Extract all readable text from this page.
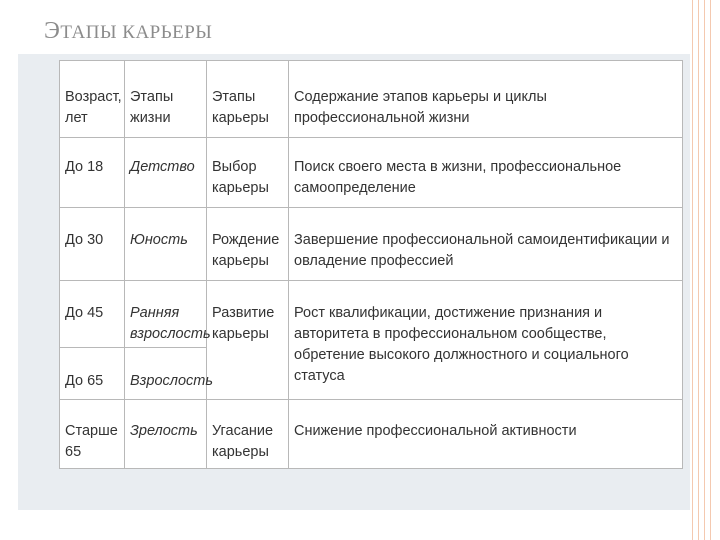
ЭТАПЫ КАРЬЕРЫ
Возраст, лет	Этапы жизни	Этапы карьеры	Содержание этапов карьеры и циклы профессиональной жизни
До 18	Детство	Выбор карьеры	Поиск своего места в жизни, профессиональное самоопределение
До 30	Юность	Рождение карьеры	Завершение профессиональной самоидентификации и овладение профессией
До 45	Ранняя взрослость	Развитие карьеры	Рост квалификации, достижение признания и авторитета в профессиональном сообществе, обретение высокого должностного и социального статуса
До 65	Взрослость		
Старше 65	Зрелость	Угасание карьеры	Снижение профессиональной активности
